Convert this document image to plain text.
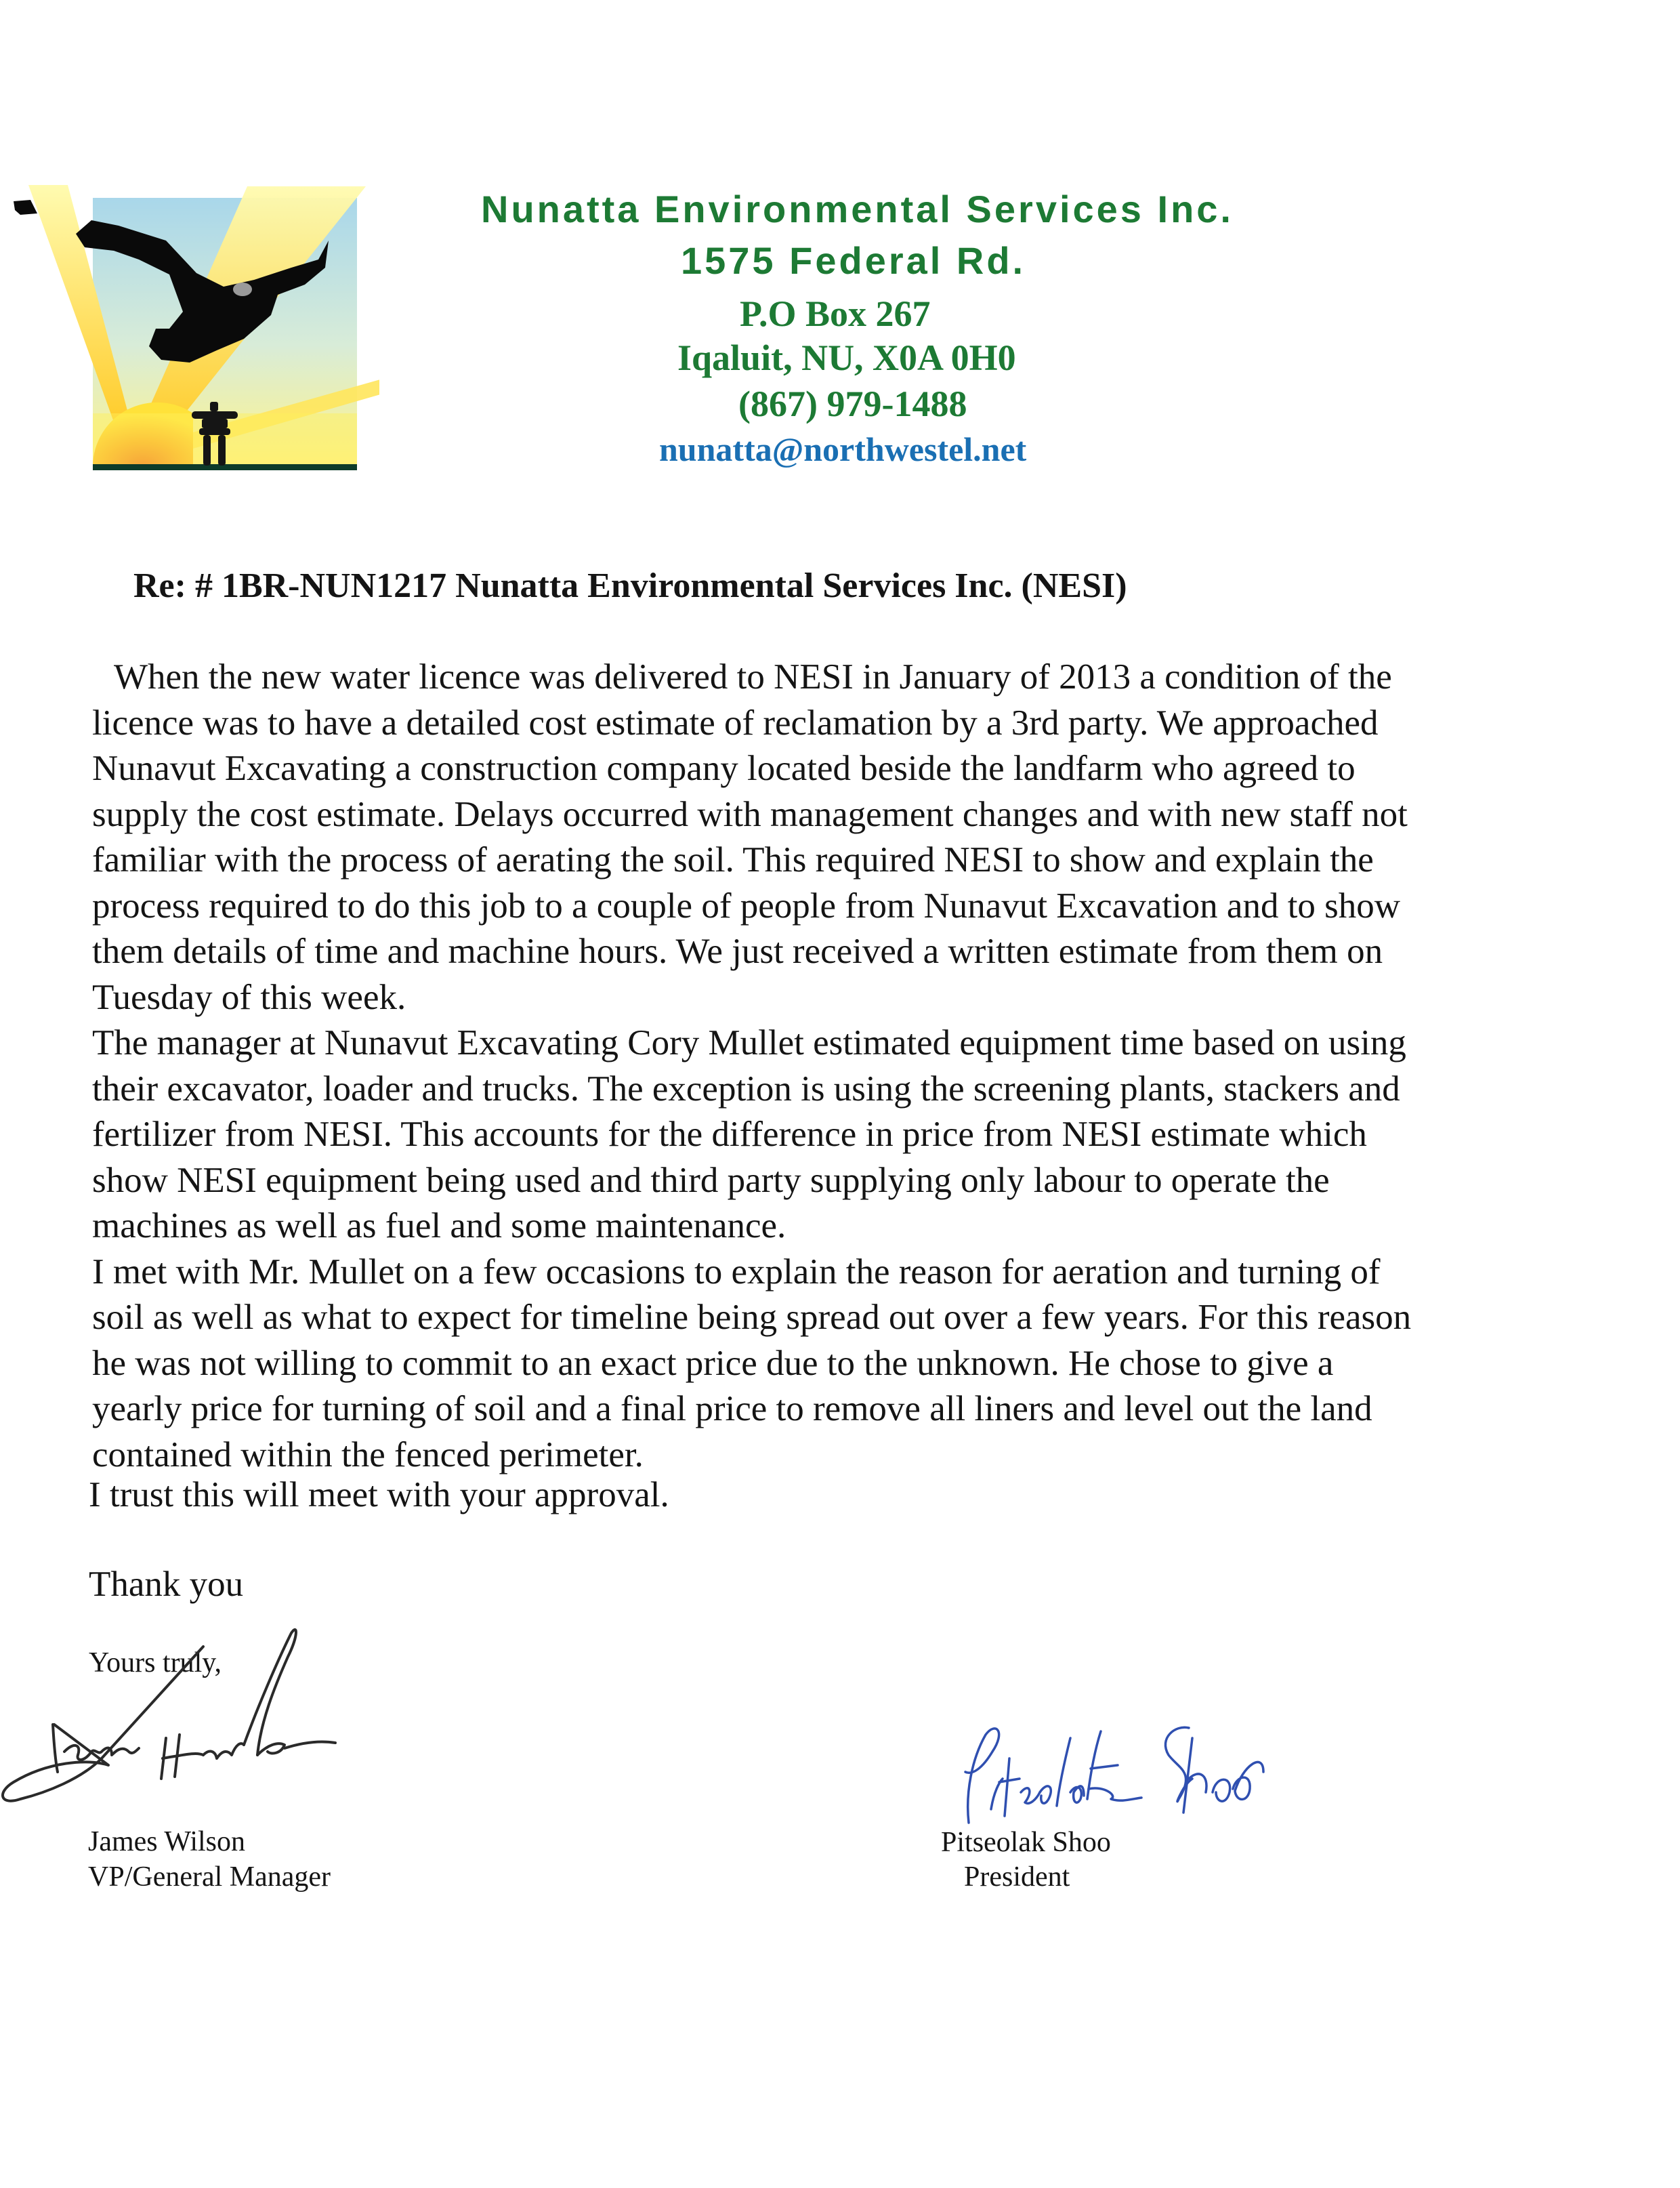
Nunatta Environmental Services Inc.
1575 Federal Rd.
P.O Box 267
Iqaluit, NU, X0A 0H0
(867) 979-1488
nunatta@northwestel.net
Re: # 1BR-NUN1217 Nunatta Environmental Services Inc. (NESI)
When the new water licence was delivered to NESI in January of 2013 a condition of the
licence was to have a detailed cost estimate of reclamation by a 3rd party. We approached
Nunavut Excavating a construction company located beside the landfarm who agreed to
supply the cost estimate. Delays occurred with management changes and with new staff not
familiar with the process of aerating the soil. This required NESI to show and explain the
process required to do this job to a couple of people from Nunavut Excavation and to show
them details of time and machine hours. We just received a written estimate from them on
Tuesday of this week.
The manager at Nunavut Excavating Cory Mullet estimated equipment time based on using
their excavator, loader and trucks. The exception is using the screening plants, stackers and
fertilizer from NESI. This accounts for the difference in price from NESI estimate which
show NESI equipment being used and third party supplying only labour to operate the
machines as well as fuel and some maintenance.
I met with Mr. Mullet on a few occasions to explain the reason for aeration and turning of
soil as well as what to expect for timeline being spread out over a few years. For this reason
he was not willing to commit to an exact price due to the unknown. He chose to give a
yearly price for turning of soil and a final price to remove all liners and level out the land
contained within the fenced perimeter.
I trust this will meet with your approval.
Thank you
Yours truly,
James Wilson
VP/General Manager
Pitseolak Shoo
President
